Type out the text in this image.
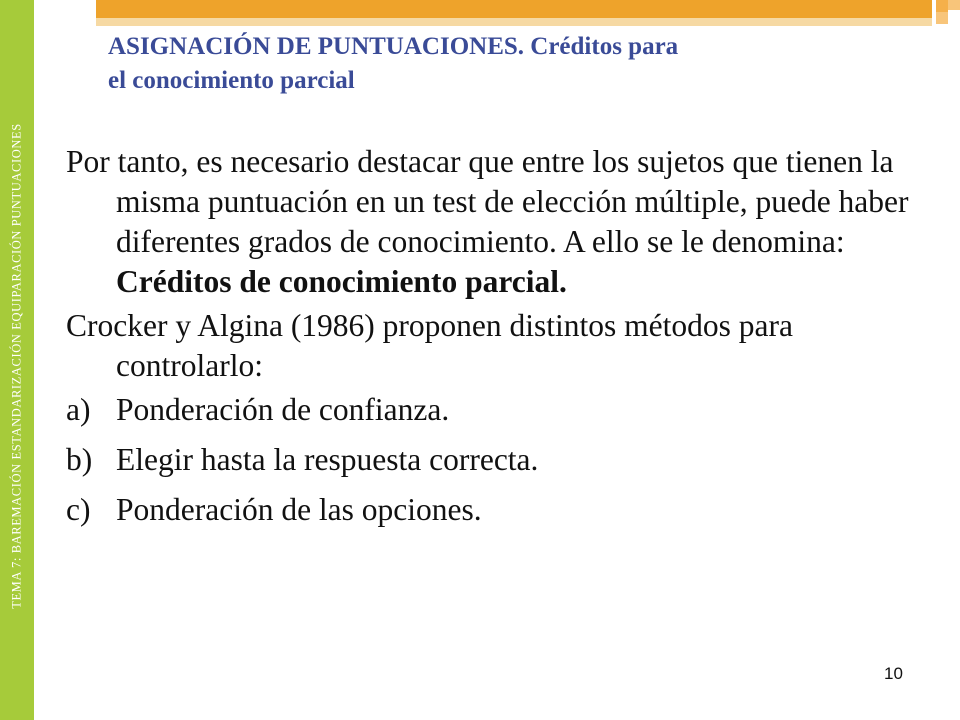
TEMA 7: BAREMACIÓN ESTANDARIZACIÓN EQUIPARACIÓN PUNTUACIONES
ASIGNACIÓN DE PUNTUACIONES. Créditos para
el conocimiento parcial

Por tanto, es necesario destacar que entre los sujetos que tienen la misma puntuación en un test de elección múltiple, puede haber diferentes grados de conocimiento. A ello se le denomina: Créditos de conocimiento parcial.

Crocker y Algina (1986) proponen distintos métodos para controlarlo:

a) Ponderación de confianza.
b) Elegir hasta la respuesta correcta.
c) Ponderación de las opciones.
10
